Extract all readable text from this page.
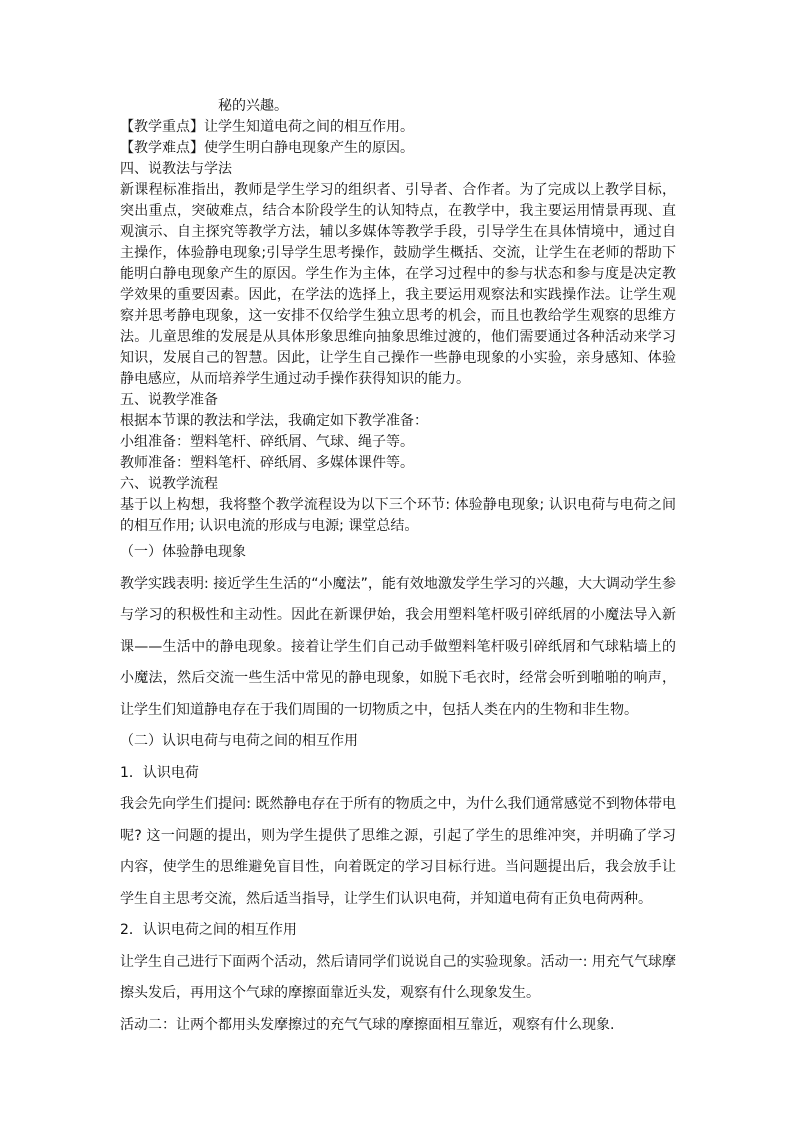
秘的兴趣。
【教学重点】让学生知道电荷之间的相互作用。
【教学难点】使学生明白静电现象产生的原因。
四、说教法与学法
新课程标准指出，教师是学生学习的组织者、引导者、合作者。为了完成以上教学目标，突出重点，突破难点，结合本阶段学生的认知特点，在教学中，我主要运用情景再现、直观演示、自主探究等教学方法，辅以多媒体等教学手段，引导学生在具体情境中，通过自主操作，体验静电现象;引导学生思考操作，鼓励学生概括、交流，让学生在老师的帮助下能明白静电现象产生的原因。学生作为主体，在学习过程中的参与状态和参与度是决定教学效果的重要因素。因此，在学法的选择上，我主要运用观察法和实践操作法。让学生观察并思考静电现象，这一安排不仅给学生独立思考的机会，而且也教给学生观察的思维方法。儿童思维的发展是从具体形象思维向抽象思维过渡的，他们需要通过各种活动来学习知识，发展自己的智慧。因此，让学生自己操作一些静电现象的小实验，亲身感知、体验静电感应，从而培养学生通过动手操作获得知识的能力。
五、说教学准备
根据本节课的教法和学法，我确定如下教学准备：
小组准备：塑料笔杆、碎纸屑、气球、绳子等。
教师准备：塑料笔杆、碎纸屑、多媒体课件等。
六、说教学流程
基于以上构想，我将整个教学流程设为以下三个环节: 体验静电现象; 认识电荷与电荷之间的相互作用; 认识电流的形成与电源; 课堂总结。
（一）体验静电现象
教学实践表明: 接近学生生活的“小魔法”，能有效地激发学生学习的兴趣，大大调动学生参与学习的积极性和主动性。因此在新课伊始，我会用塑料笔杆吸引碎纸屑的小魔法导入新课——生活中的静电现象。接着让学生们自己动手做塑料笔杆吸引碎纸屑和气球粘墙上的小魔法，然后交流一些生活中常见的静电现象，如脱下毛衣时，经常会听到啪啪的响声，让学生们知道静电存在于我们周围的一切物质之中，包括人类在内的生物和非生物。
（二）认识电荷与电荷之间的相互作用
1．认识电荷
我会先向学生们提问: 既然静电存在于所有的物质之中，为什么我们通常感觉不到物体带电呢? 这一问题的提出，则为学生提供了思维之源，引起了学生的思维冲突，并明确了学习内容，使学生的思维避免盲目性，向着既定的学习目标行进。当问题提出后，我会放手让学生自主思考交流，然后适当指导，让学生们认识电荷，并知道电荷有正负电荷两种。
2．认识电荷之间的相互作用
让学生自己进行下面两个活动，然后请同学们说说自己的实验现象。活动一: 用充气气球摩擦头发后，再用这个气球的摩擦面靠近头发，观察有什么现象发生。
活动二：让两个都用头发摩擦过的充气气球的摩擦面相互靠近，观察有什么现象.
